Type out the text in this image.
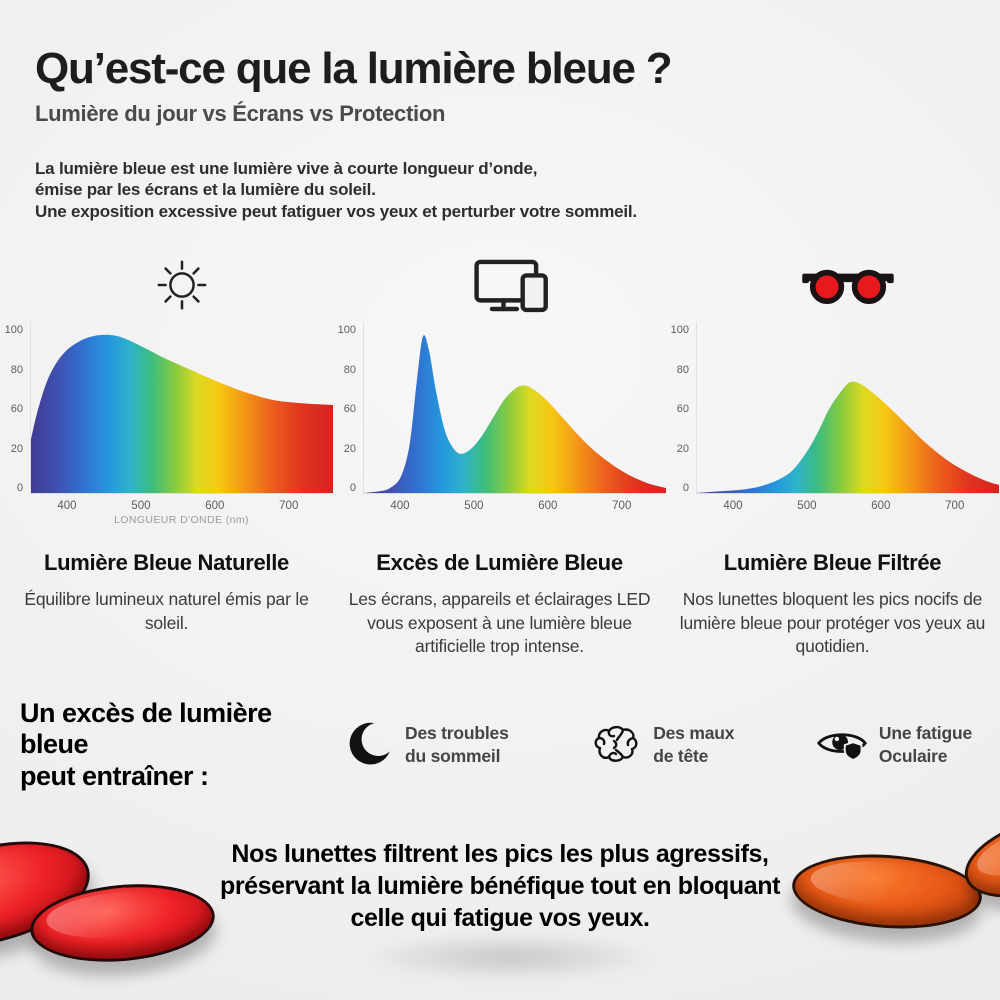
Qu’est-ce que la lumière bleue ?
Lumière du jour vs Écrans vs Protection
La lumière bleue est une lumière vive à courte longueur d’onde,
émise par les écrans et la lumière du soleil.
Une exposition excessive peut fatiguer vos yeux et perturber votre sommeil.
100
80
60
20
0
400	500	600	700
LONGUEUR D'ONDE (nm)
Lumière Bleue Naturelle
Équilibre lumineux naturel émis par le soleil.
100
80
60
20
0
400	500	600	700
Excès de Lumière Bleue
Les écrans, appareils et éclairages LED vous exposent à une lumière bleue artificielle trop intense.
100
80
60
20
0
400	500	600	700
Lumière Bleue Filtrée
Nos lunettes bloquent les pics nocifs de lumière bleue pour protéger vos yeux au quotidien.
Un excès de lumière bleue
peut entraîner :
Des troubles
du sommeil
Des maux
de tête
Une fatigue
Oculaire
Nos lunettes filtrent les pics les plus agressifs,
préservant la lumière bénéfique tout en bloquant
celle qui fatigue vos yeux.
